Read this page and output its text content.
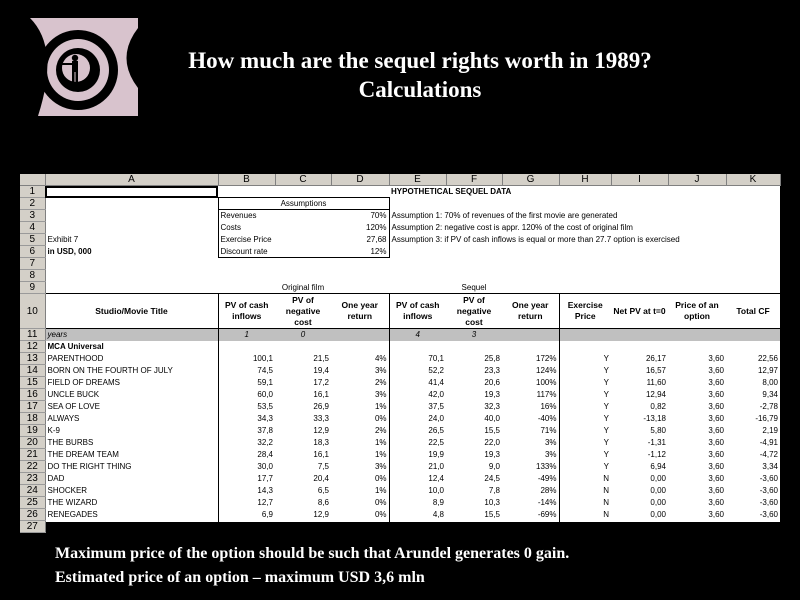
How much are the sequel rights worth in 1989?
Calculations
	A	B	C	D	E	F	G	H	I	J	K
1					HYPOTHETICAL SEQUEL DATA						
2		Assumptions									
3		Revenues		70%	Assumption 1: 70% of revenues of the first movie are generated						
4		Costs		120%	Assumption 2: negative cost is appr. 120% of the cost of original film						
5	Exhibit 7	Exercise Price		27,68	Assumption 3: if PV of cash inflows is equal or more than 27.7 option is exercised						
6	in USD, 000	Discount rate		12%							
7											
8											
9			Original film			Sequel					
10	Studio/Movie Title	PV of cash inflows	PV of negative cost	One year return	PV of cash inflows	PV of negative cost	One year return	Exercise Price	Net PV at t=0	Price of an option	Total CF
11	years	1	0		4	3					
12	MCA Universal										
13	PARENTHOOD	100,1	21,5	4%	70,1	25,8	172%	Y	26,17	3,60	22,56
14	BORN ON THE FOURTH OF JULY	74,5	19,4	3%	52,2	23,3	124%	Y	16,57	3,60	12,97
15	FIELD OF DREAMS	59,1	17,2	2%	41,4	20,6	100%	Y	11,60	3,60	8,00
16	UNCLE BUCK	60,0	16,1	3%	42,0	19,3	117%	Y	12,94	3,60	9,34
17	SEA OF LOVE	53,5	26,9	1%	37,5	32,3	16%	Y	0,82	3,60	-2,78
18	ALWAYS	34,3	33,3	0%	24,0	40,0	-40%	Y	-13,18	3,60	-16,79
19	K-9	37,8	12,9	2%	26,5	15,5	71%	Y	5,80	3,60	2,19
20	THE BURBS	32,2	18,3	1%	22,5	22,0	3%	Y	-1,31	3,60	-4,91
21	THE DREAM TEAM	28,4	16,1	1%	19,9	19,3	3%	Y	-1,12	3,60	-4,72
22	DO THE RIGHT THING	30,0	7,5	3%	21,0	9,0	133%	Y	6,94	3,60	3,34
23	DAD	17,7	20,4	0%	12,4	24,5	-49%	N	0,00	3,60	-3,60
24	SHOCKER	14,3	6,5	1%	10,0	7,8	28%	N	0,00	3,60	-3,60
25	THE WIZARD	12,7	8,6	0%	8,9	10,3	-14%	N	0,00	3,60	-3,60
26	RENEGADES	6,9	12,9	0%	4,8	15,5	-69%	N	0,00	3,60	-3,60
27											
Maximum price of the option should be such that Arundel generates 0 gain.
Estimated price of an option – maximum USD 3,6 mln
